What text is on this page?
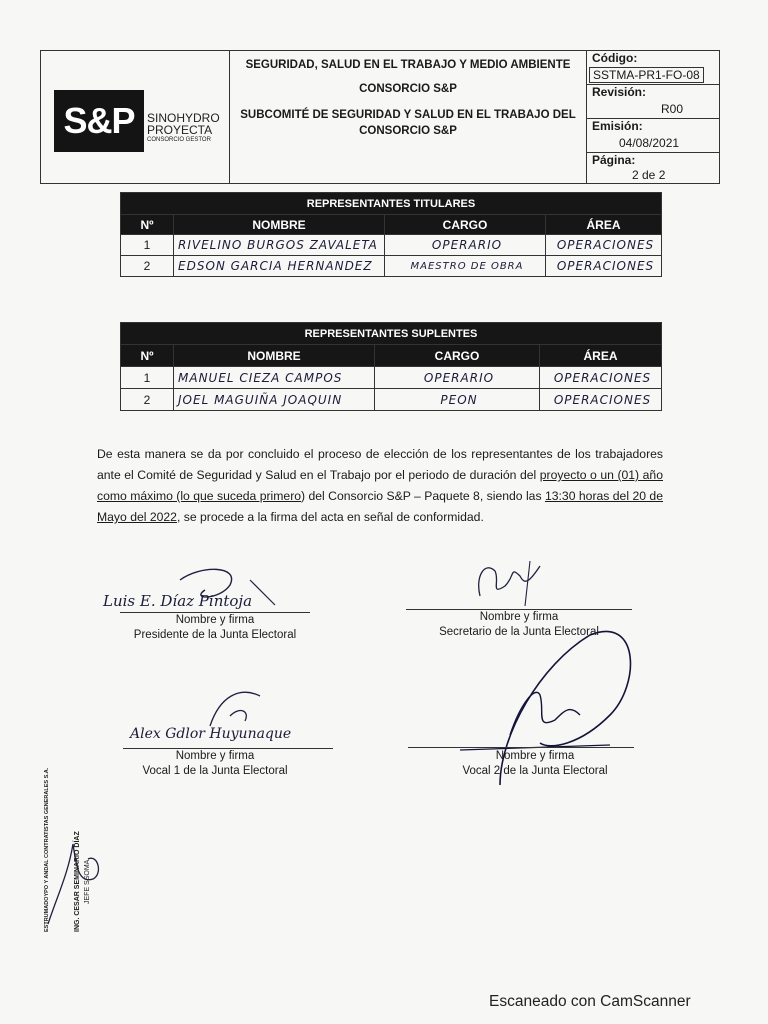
S&P	SINOHYDRO
PROYECTA
CONSORCIO GESTOR
SEGURIDAD, SALUD EN EL TRABAJO Y MEDIO AMBIENTE
CONSORCIO S&P
SUBCOMITÉ DE SEGURIDAD Y SALUD EN EL TRABAJO DEL
CONSORCIO S&P
Código:
SSTMA-PR1-FO-08
Revisión:
R00
Emisión:
04/08/2021
Página:
2 de 2
REPRESENTANTES TITULARES			
Nº	NOMBRE	CARGO	ÁREA
1	RIVELINO BURGOS ZAVALETA	OPERARIO	OPERACIONES
2	EDSON GARCIA HERNANDEZ	MAESTRO DE OBRA	OPERACIONES
REPRESENTANTES SUPLENTES			
Nº	NOMBRE	CARGO	ÁREA
1	MANUEL CIEZA CAMPOS	OPERARIO	OPERACIONES
2	JOEL MAGUIÑA JOAQUIN	PEON	OPERACIONES
De esta manera se da por concluido el proceso de elección de los representantes de los trabajadores ante el Comité de Seguridad y Salud en el Trabajo por el periodo de duración del proyecto o un (01) año como máximo (lo que suceda primero) del Consorcio S&P – Paquete 8, siendo las 13:30 horas del 20 de Mayo del 2022, se procede a la firma del acta en señal de conformidad.
Luis E. Díaz Pintoja
Nombre y firma
Presidente de la Junta Electoral
Nombre y firma
Secretario de la Junta Electoral
Alex Gdlor Huyunaque
Nombre y firma
Vocal 1 de la Junta Electoral
Nombre y firma
Vocal 2 de la Junta Electoral
ING. CESAR SEMINARIO DÍAZ JEFE SSOMA
ESTRUMADOYPO Y ANDAL CONTRATISTAS GENERALES S.A.
Escaneado con CamScanner
